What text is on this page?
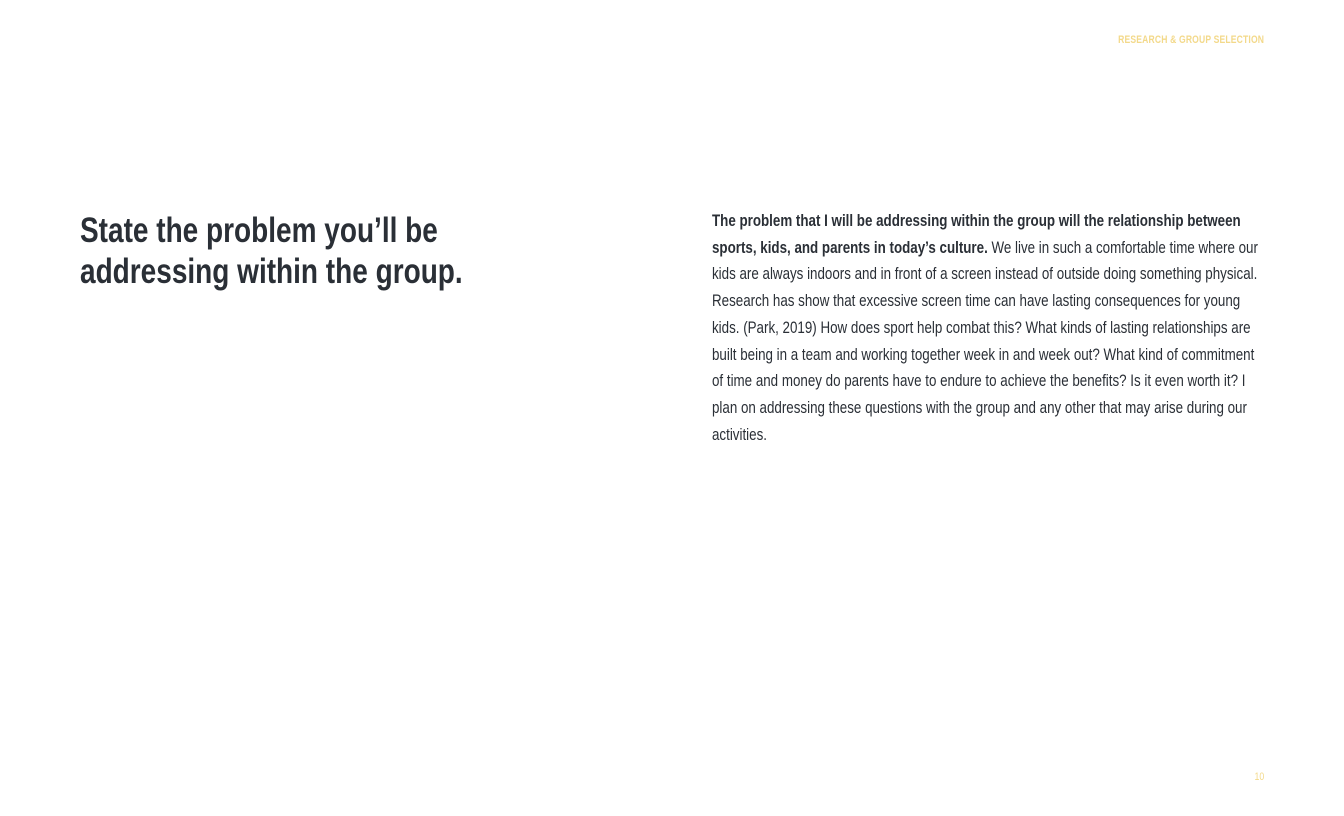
RESEARCH & GROUP SELECTION
State the problem you’ll be addressing within the group.

The problem that I will be addressing within the group will the relationship between sports, kids, and parents in today’s culture. We live in such a comfortable time where our kids are always indoors and in front of a screen instead of outside doing something physical. Research has show that excessive screen time can have lasting consequences for young kids. (Park, 2019) How does sport help combat this? What kinds of lasting relationships are built being in a team and working together week in and week out? What kind of commitment of time and money do parents have to endure to achieve the benefits? Is it even worth it? I plan on addressing these questions with the group and any other that may arise during our activities.

10
